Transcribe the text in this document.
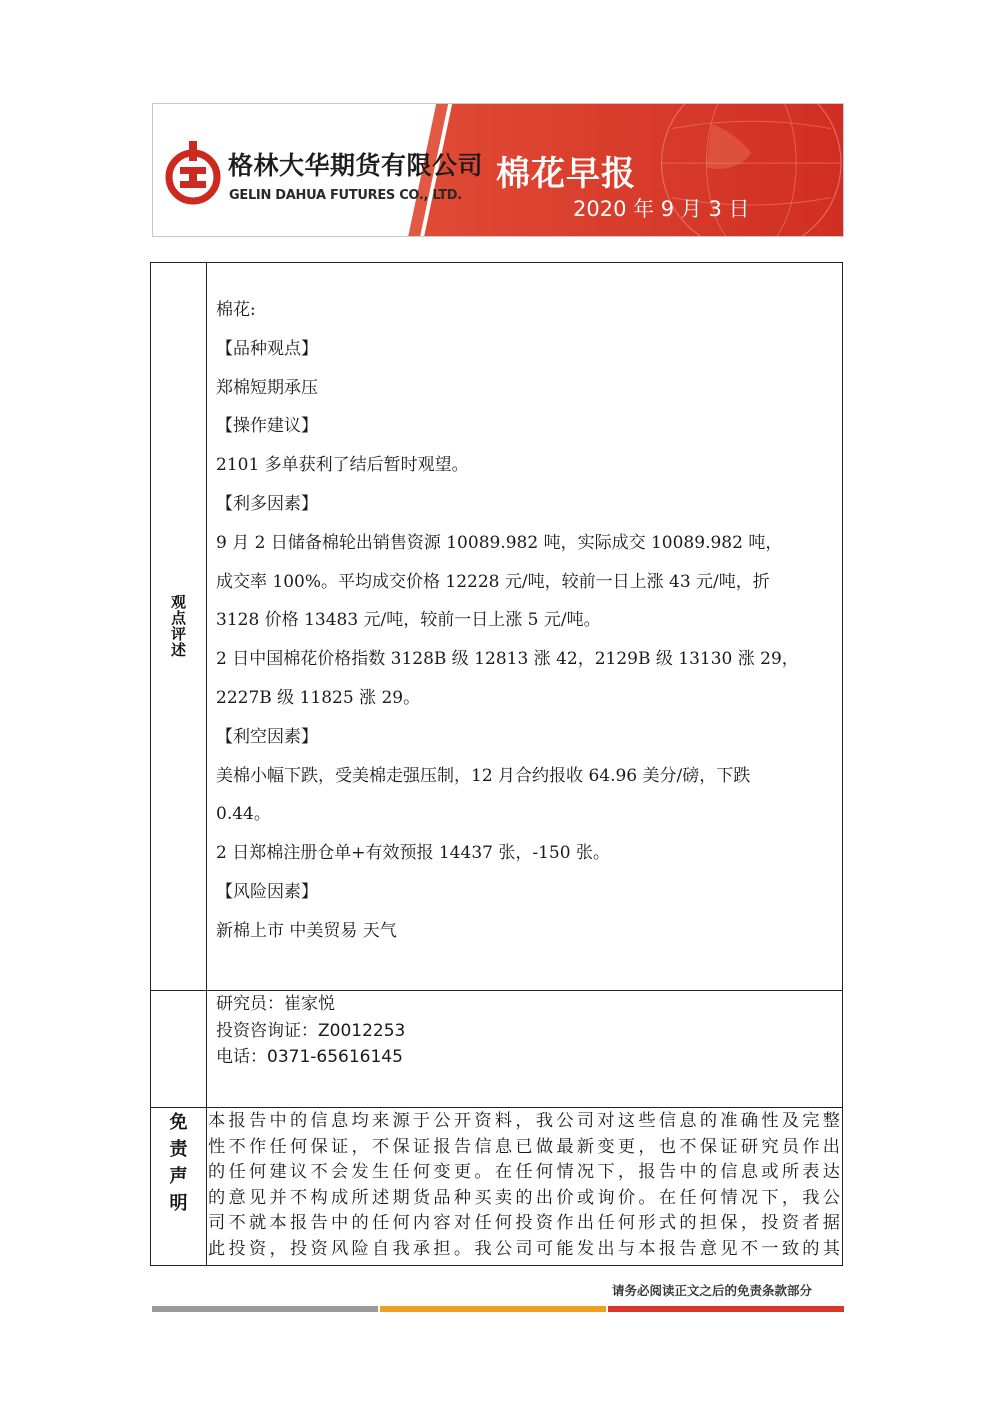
格林大华期货有限公司
GELIN DAHUA FUTURES CO., LTD.
棉花早报
2020 年 9 月 3 日
观
点
评
述
棉花:
【品种观点】
郑棉短期承压
【操作建议】
2101 多单获利了结后暂时观望。
【利多因素】
9 月 2 日储备棉轮出销售资源 10089.982 吨，实际成交 10089.982 吨，
成交率 100%。平均成交价格 12228 元/吨，较前一日上涨 43 元/吨，折
3128 价格 13483 元/吨，较前一日上涨 5 元/吨。
2 日中国棉花价格指数 3128B 级 12813 涨 42，2129B 级 13130 涨 29，
2227B 级 11825 涨 29。
【利空因素】
美棉小幅下跌，受美棉走强压制，12 月合约报收 64.96 美分/磅，下跌
0.44。
2 日郑棉注册仓单+有效预报 14437 张，-150 张。
【风险因素】
新棉上市 中美贸易 天气
研究员：崔家悦
投资咨询证：Z0012253
电话：0371-65616145
免
责
声
明
本报告中的信息均来源于公开资料，我公司对这些信息的准确性及完整
性不作任何保证，不保证报告信息已做最新变更，也不保证研究员作出
的任何建议不会发生任何变更。在任何情况下，报告中的信息或所表达
的意见并不构成所述期货品种买卖的出价或询价。在任何情况下，我公
司不就本报告中的任何内容对任何投资作出任何形式的担保，投资者据
此投资，投资风险自我承担。我公司可能发出与本报告意见不一致的其
请务必阅读正文之后的免责条款部分
